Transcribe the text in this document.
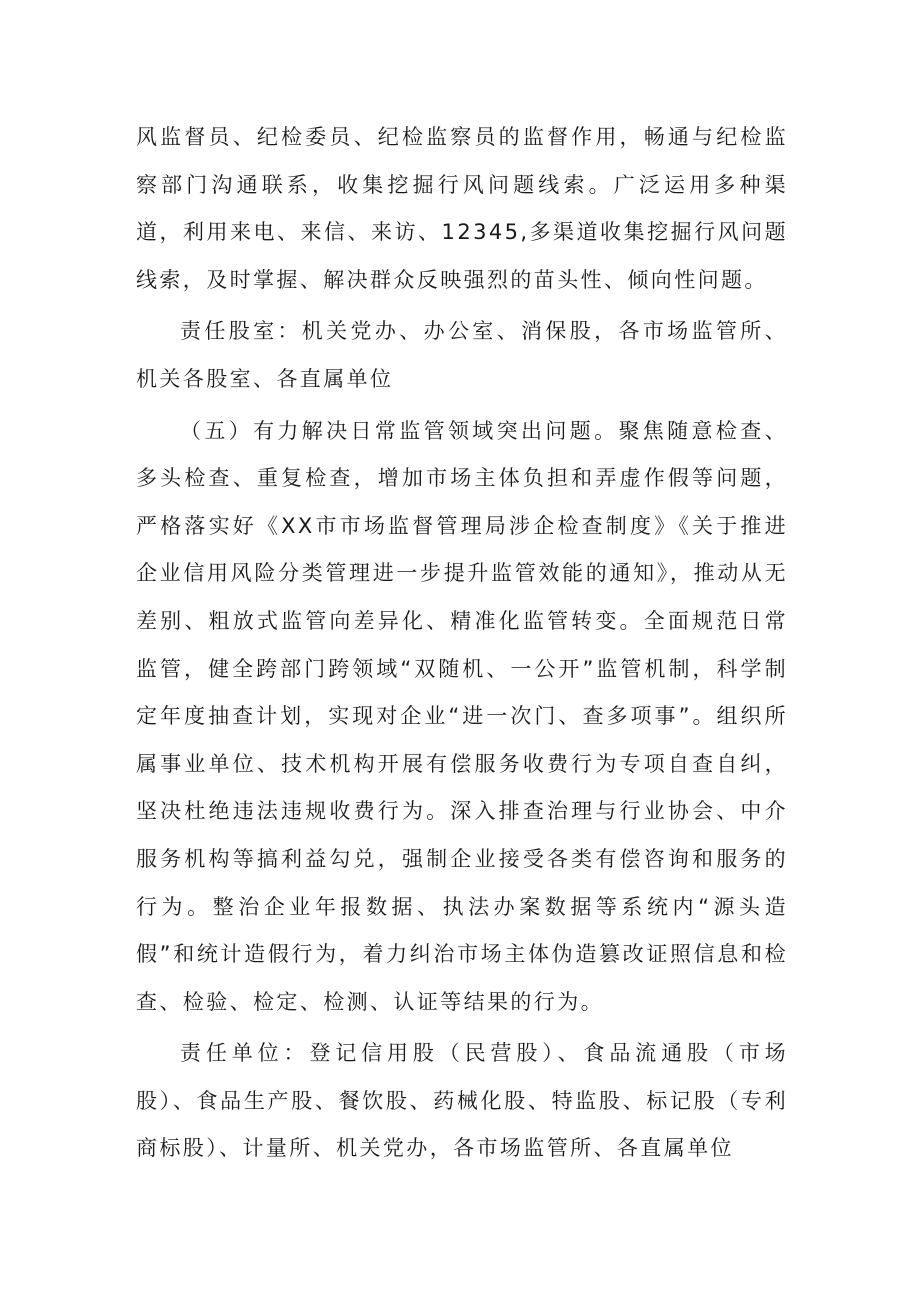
风监督员、纪检委员、纪检监察员的监督作用，畅通与纪检监察部门沟通联系，收集挖掘行风问题线索。广泛运用多种渠道，利用来电、来信、来访、12345,多渠道收集挖掘行风问题线索，及时掌握、解决群众反映强烈的苗头性、倾向性问题。

责任股室：机关党办、办公室、消保股，各市场监管所、机关各股室、各直属单位

（五）有力解决日常监管领域突出问题。聚焦随意检查、多头检查、重复检查，增加市场主体负担和弄虚作假等问题，严格落实好《XX市市场监督管理局涉企检查制度》《关于推进企业信用风险分类管理进一步提升监管效能的通知》，推动从无差别、粗放式监管向差异化、精准化监管转变。全面规范日常监管，健全跨部门跨领域“双随机、一公开”监管机制，科学制定年度抽查计划，实现对企业“进一次门、查多项事”。组织所属事业单位、技术机构开展有偿服务收费行为专项自查自纠，坚决杜绝违法违规收费行为。深入排查治理与行业协会、中介服务机构等搞利益勾兑，强制企业接受各类有偿咨询和服务的行为。整治企业年报数据、执法办案数据等系统内“源头造假”和统计造假行为，着力纠治市场主体伪造篡改证照信息和检查、检验、检定、检测、认证等结果的行为。

责任单位：登记信用股（民营股）、食品流通股（市场股）、食品生产股、餐饮股、药械化股、特监股、标记股（专利商标股）、计量所、机关党办，各市场监管所、各直属单位
